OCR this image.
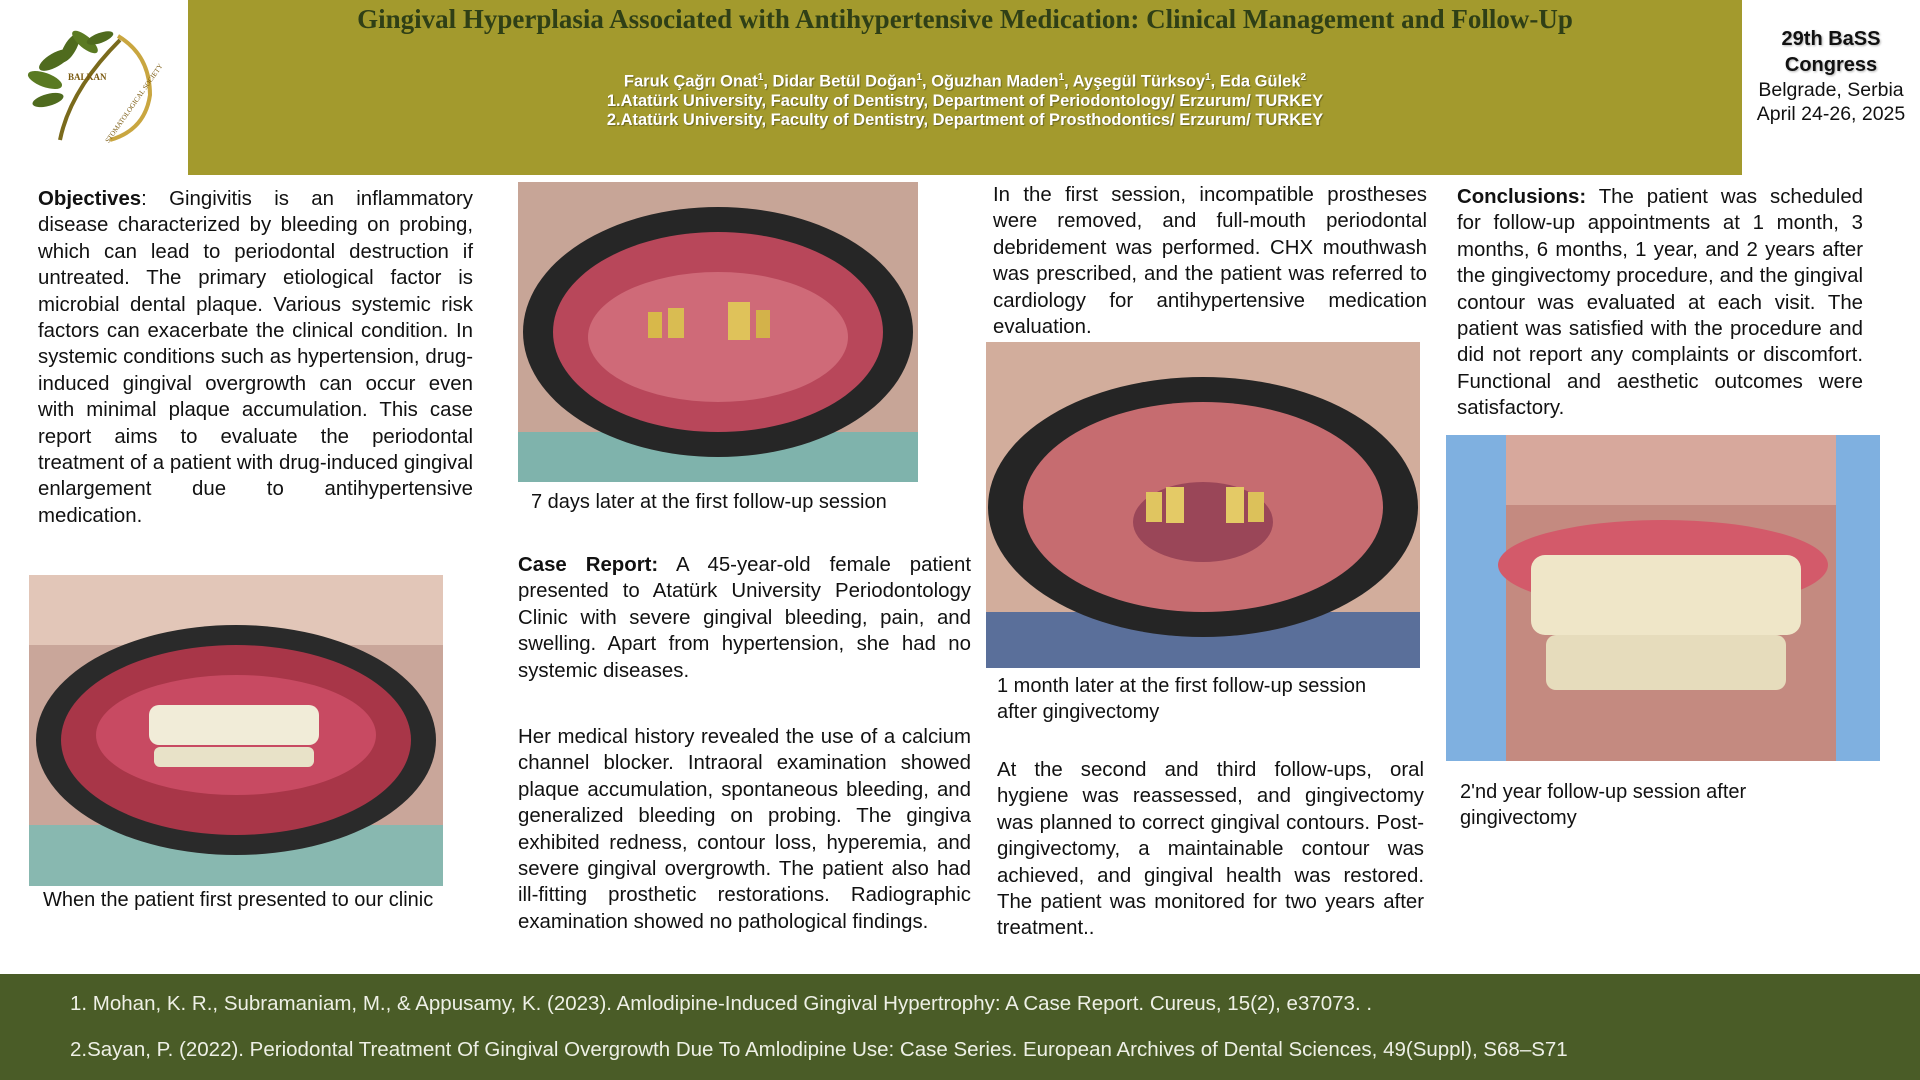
BALKAN
STOMATOLOGICAL SOCIETY
Gingival Hyperplasia Associated with Antihypertensive Medication: Clinical Management and Follow-Up
Faruk Çağrı Onat$^1$, Didar Betül Doğan$^1$, Oğuzhan Maden$^1$, Ayşegül Türksoy$^1$, Eda Gülek$^2$
1.Atatürk University, Faculty of Dentistry, Department of Periodontology/ Erzurum/ TURKEY
2.Atatürk University, Faculty of Dentistry, Department of Prosthodontics/ Erzurum/ TURKEY
29th BaSS
Congress
Belgrade, Serbia
April 24-26, 2025
Objectives: Gingivitis is an inflammatory disease characterized by bleeding on probing, which can lead to periodontal destruction if untreated. The primary etiological factor is microbial dental plaque. Various systemic risk factors can exacerbate the clinical condition. In systemic conditions such as hypertension, drug-induced gingival overgrowth can occur even with minimal plaque accumulation. This case report aims to evaluate the periodontal treatment of a patient with drug-induced gingival enlargement due to antihypertensive medication.
When the patient first presented to our clinic
7 days later at the first follow-up session
Case Report: A 45-year-old female patient presented to Atatürk University Periodontology Clinic with severe gingival bleeding, pain, and swelling. Apart from hypertension, she had no systemic diseases.
Her medical history revealed the use of a calcium channel blocker. Intraoral examination showed plaque accumulation, spontaneous bleeding, and generalized bleeding on probing. The gingiva exhibited redness, contour loss, hyperemia, and severe gingival overgrowth. The patient also had ill-fitting prosthetic restorations. Radiographic examination showed no pathological findings.
In the first session, incompatible prostheses were removed, and full-mouth periodontal debridement was performed. CHX mouthwash was prescribed, and the patient was referred to cardiology for antihypertensive medication evaluation.
1 month later at the first follow-up session after gingivectomy
At the second and third follow-ups, oral hygiene was reassessed, and gingivectomy was planned to correct gingival contours. Post-gingivectomy, a maintainable contour was achieved, and gingival health was restored. The patient was monitored for two years after treatment..
Conclusions: The patient was scheduled for follow-up appointments at 1 month, 3 months, 6 months, 1 year, and 2 years after the gingivectomy procedure, and the gingival contour was evaluated at each visit. The patient was satisfied with the procedure and did not report any complaints or discomfort. Functional and aesthetic outcomes were satisfactory.
2'nd year follow-up session after gingivectomy
1. Mohan, K. R., Subramaniam, M., & Appusamy, K. (2023). Amlodipine-Induced Gingival Hypertrophy: A Case Report. Cureus, 15(2), e37073. .
2.Sayan, P. (2022). Periodontal Treatment Of Gingival Overgrowth Due To Amlodipine Use: Case Series. European Archives of Dental Sciences, 49(Suppl), S68–S71
